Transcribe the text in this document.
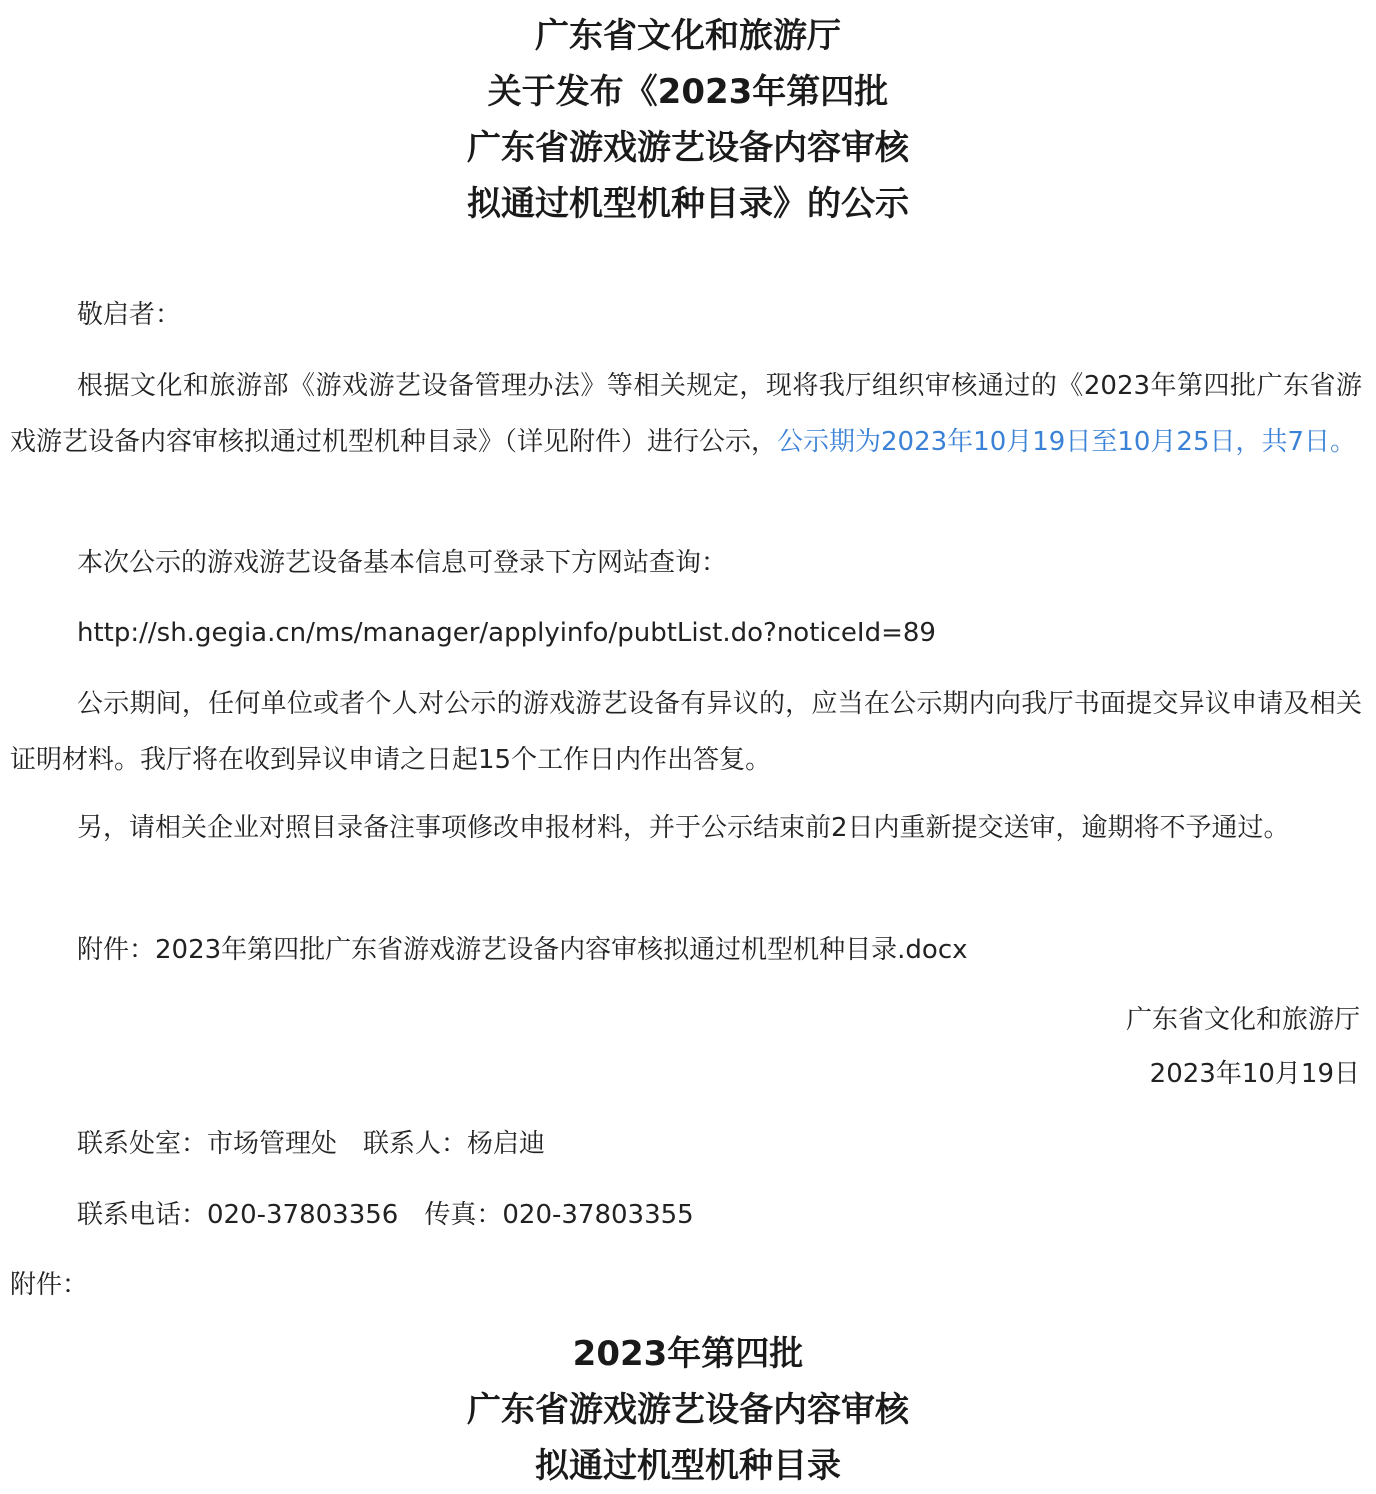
广东省文化和旅游厅
关于发布《2023年第四批
广东省游戏游艺设备内容审核
拟通过机型机种目录》的公示

敬启者：

根据文化和旅游部《游戏游艺设备管理办法》等相关规定，现将我厅组织审核通过的《2023年第四批广东省游戏游艺设备内容审核拟通过机型机种目录》（详见附件）进行公示，公示期为2023年10月19日至10月25日，共7日。

本次公示的游戏游艺设备基本信息可登录下方网站查询：

http://sh.gegia.cn/ms/manager/applyinfo/pubtList.do?noticeId=89

公示期间，任何单位或者个人对公示的游戏游艺设备有异议的，应当在公示期内向我厅书面提交异议申请及相关证明材料。我厅将在收到异议申请之日起15个工作日内作出答复。

另，请相关企业对照目录备注事项修改申报材料，并于公示结束前2日内重新提交送审，逾期将不予通过。

附件：2023年第四批广东省游戏游艺设备内容审核拟通过机型机种目录.docx

广东省文化和旅游厅
2023年10月19日

联系处室：市场管理处 联系人：杨启迪

联系电话：020-37803356 传真：020-37803355

附件：
2023年第四批
广东省游戏游艺设备内容审核
拟通过机型机种目录
